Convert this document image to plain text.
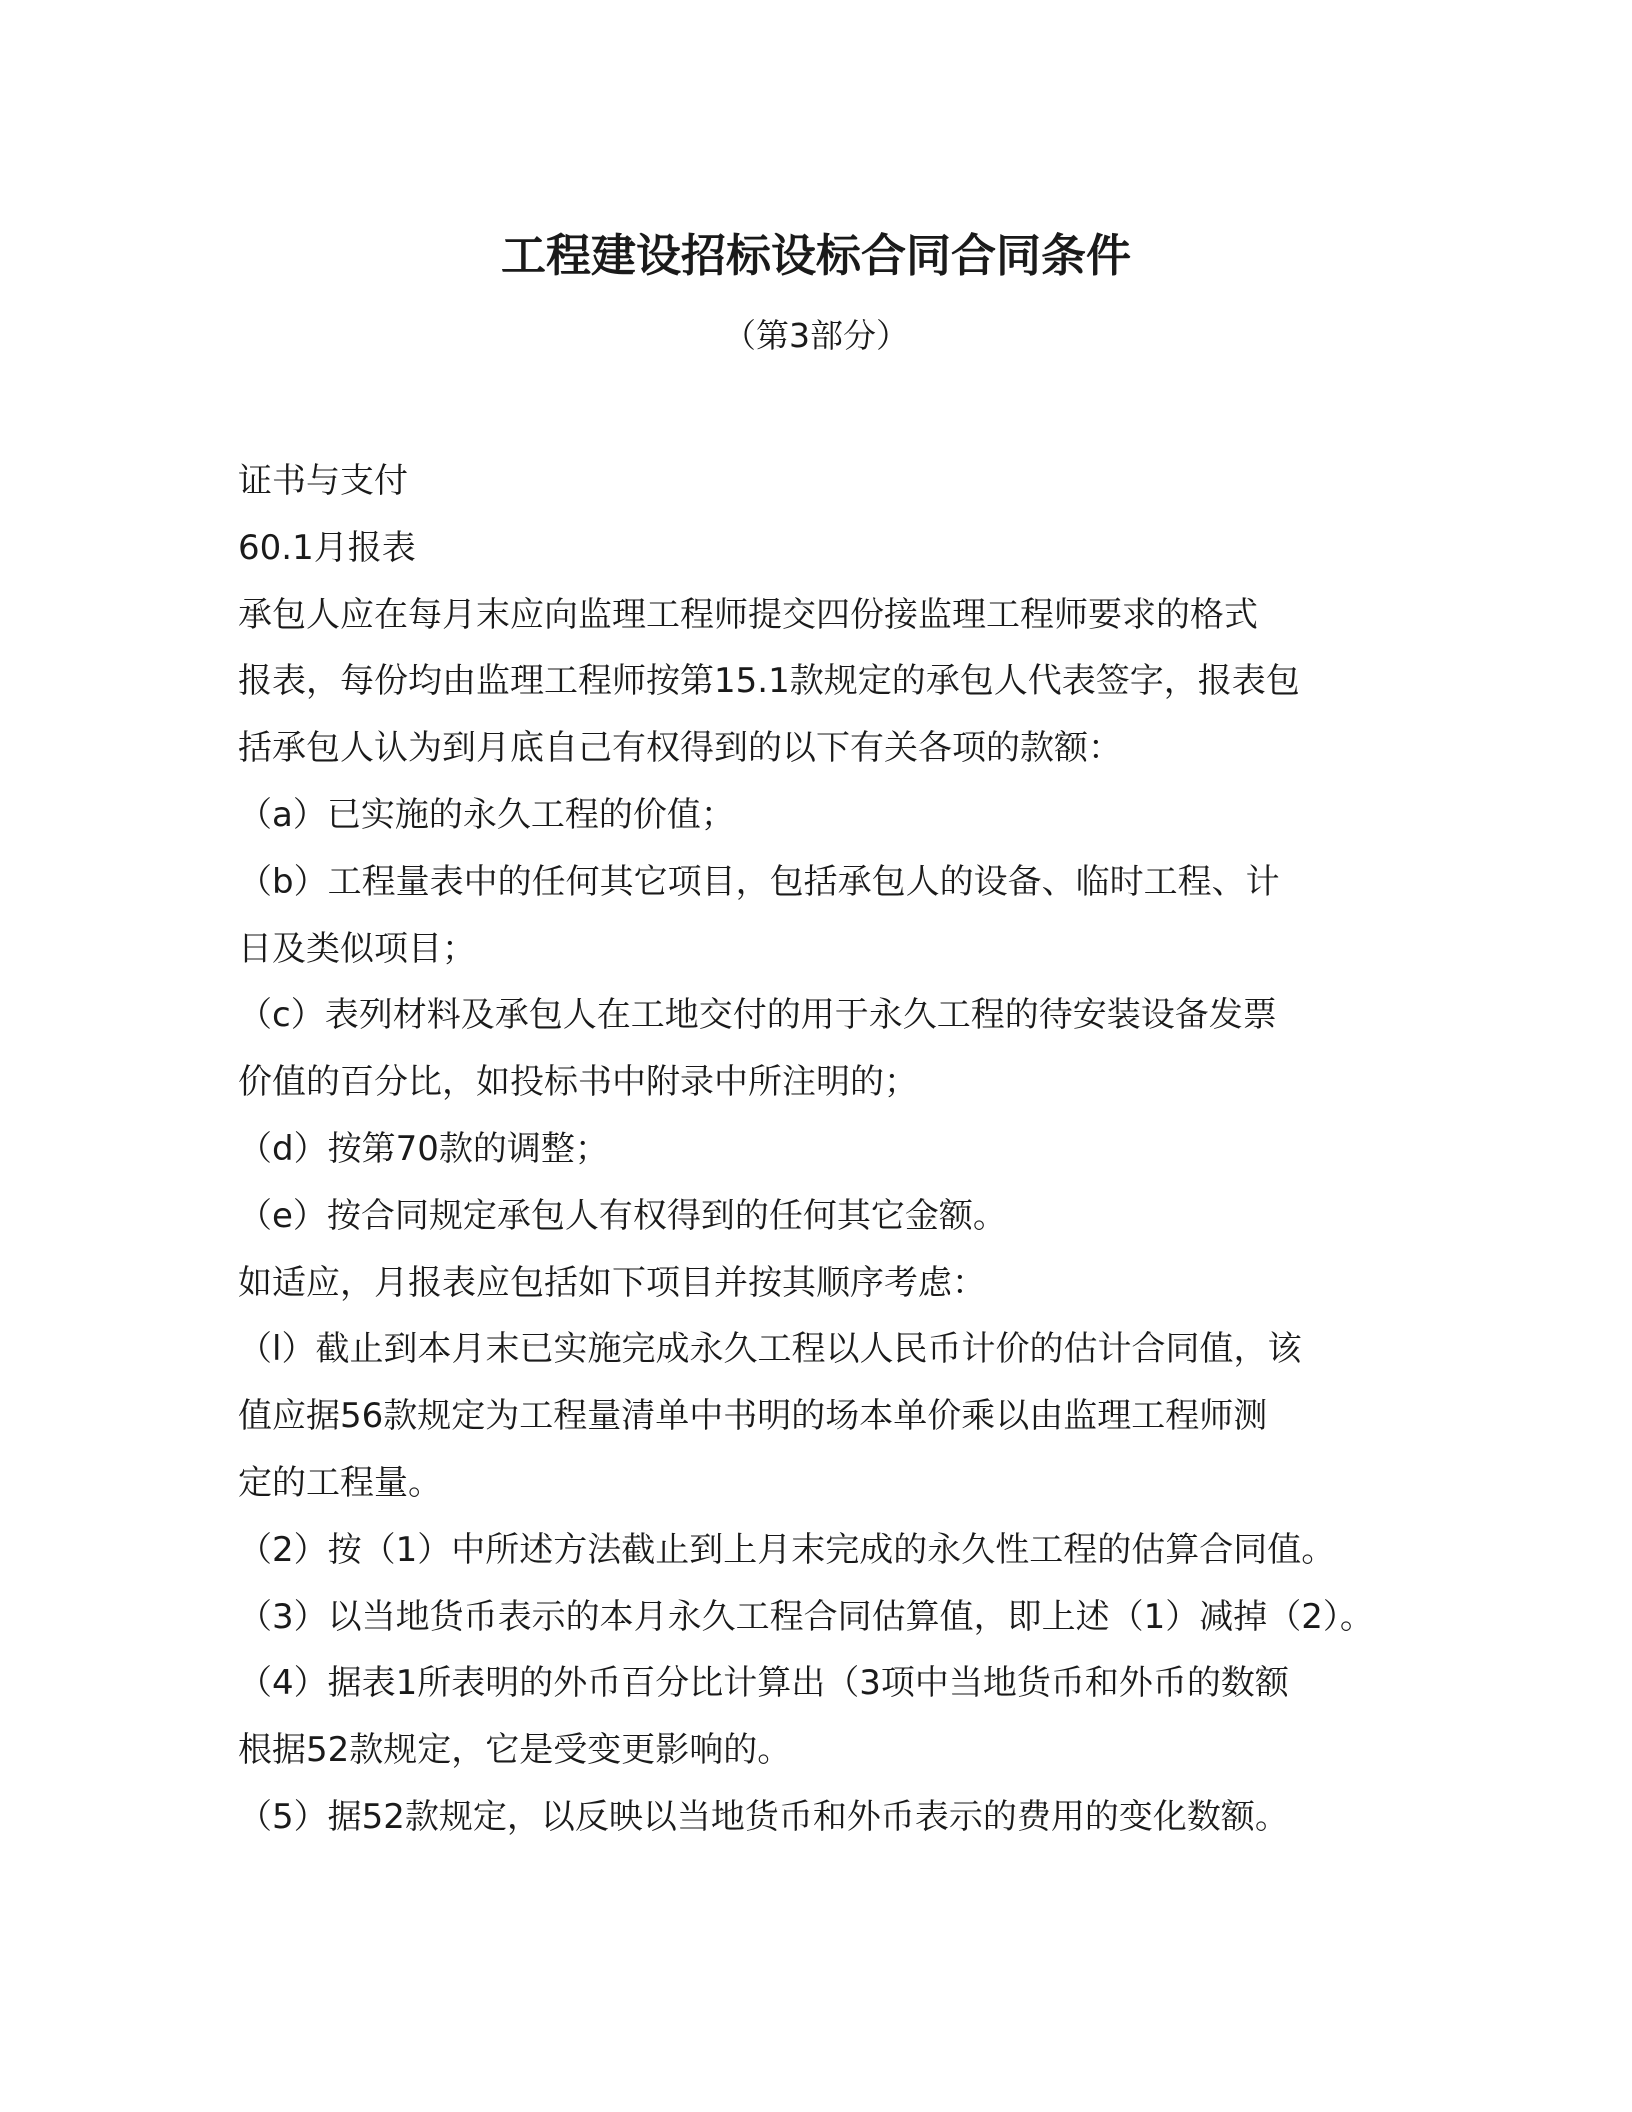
工程建设招标设标合同合同条件
（第3部分）
证书与支付
60.1月报表
承包人应在每月末应向监理工程师提交四份接监理工程师要求的格式
报表，每份均由监理工程师按第15.1款规定的承包人代表签字，报表包
括承包人认为到月底自己有权得到的以下有关各项的款额：
（a）已实施的永久工程的价值；
（b）工程量表中的任何其它项目，包括承包人的设备、临时工程、计
日及类似项目；
（c）表列材料及承包人在工地交付的用于永久工程的待安装设备发票
价值的百分比，如投标书中附录中所注明的；
（d）按第70款的调整；
（e）按合同规定承包人有权得到的任何其它金额。
如适应，月报表应包括如下项目并按其顺序考虑：
（l）截止到本月末已实施完成永久工程以人民币计价的估计合同值，该
值应据56款规定为工程量清单中书明的场本单价乘以由监理工程师测
定的工程量。
（2）按（1）中所述方法截止到上月末完成的永久性工程的估算合同值。
（3）以当地货币表示的本月永久工程合同估算值，即上述（1）减掉（2）。
（4）据表1所表明的外币百分比计算出（3项中当地货币和外币的数额
根据52款规定，它是受变更影响的。
（5）据52款规定，以反映以当地货币和外币表示的费用的变化数额。
